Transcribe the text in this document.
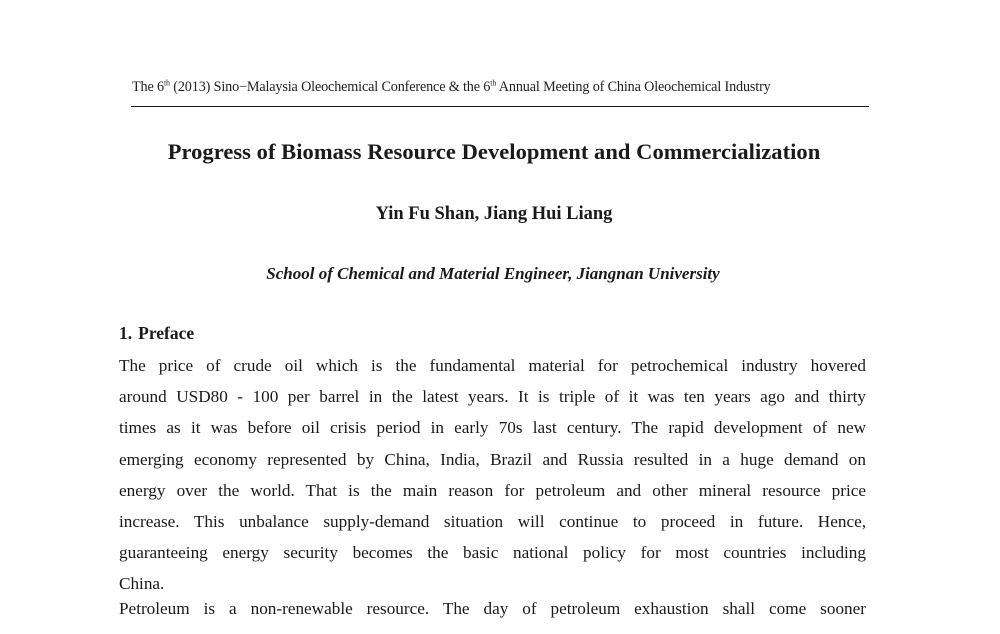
The 6th (2013) Sino−Malaysia Oleochemical Conference & the 6th Annual Meeting of China Oleochemical Industry
Progress of Biomass Resource Development and Commercialization
Yin Fu Shan, Jiang Hui Liang
School of Chemical and Material Engineer, Jiangnan University
1. Preface
The price of crude oil which is the fundamental material for petrochemical industry hovered
around USD80 - 100 per barrel in the latest years. It is triple of it was ten years ago and thirty
times as it was before oil crisis period in early 70s last century. The rapid development of new
emerging economy represented by China, India, Brazil and Russia resulted in a huge demand on
energy over the world. That is the main reason for petroleum and other mineral resource price
increase. This unbalance supply-demand situation will continue to proceed in future. Hence,
guaranteeing energy security becomes the basic national policy for most countries including
China.
Petroleum is a non-renewable resource. The day of petroleum exhaustion shall come sooner
